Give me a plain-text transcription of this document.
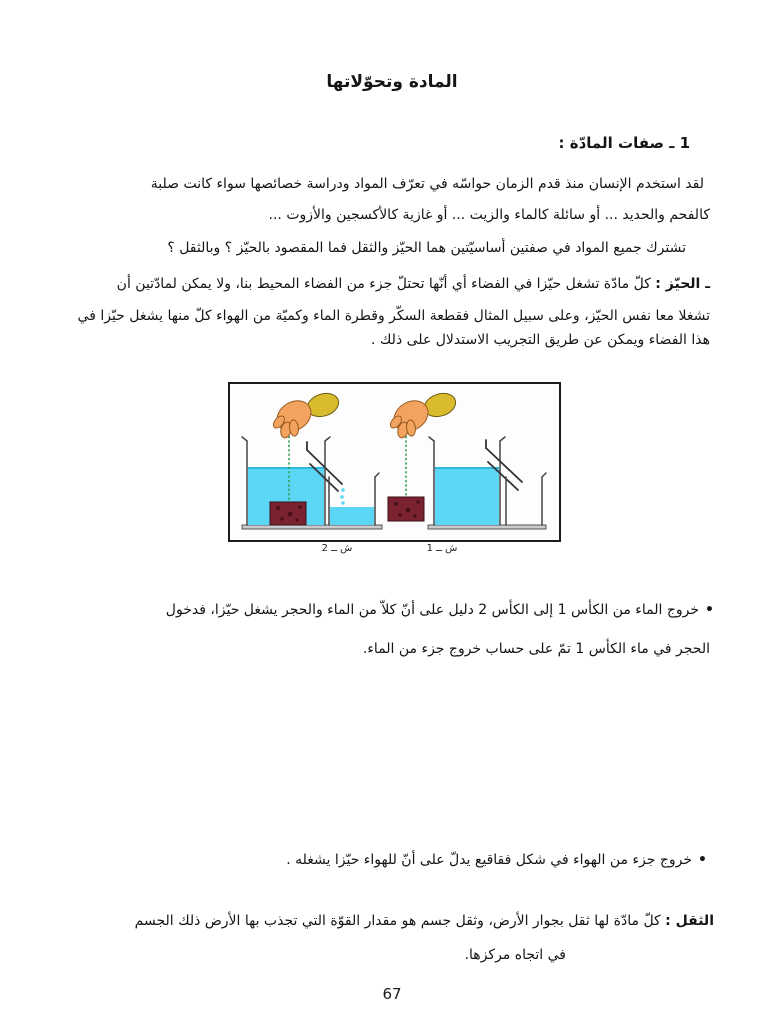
المادة وتحوّلاتها
1 ـ صفات المادّة :
لقد استخدم الإنسان منذ قدم الزمان حواسّه في تعرّف المواد ودراسة خصائصها سواء كانت صلبة
كالفحم والحديد ... أو سائلة كالماء والزيت ... أو غازية كالأكسجين والأزوت ...
تشترك جميع المواد في صفتين أساسيّتين هما الحيّز والثقل فما المقصود بالحيّز ؟ وبالثقل ؟
ـ الحيّز : كلّ مادّة تشغل حيّزا في الفضاء أي أنّها تحتلّ جزء من الفضاء المحيط بنا، ولا يمكن لمادّتين أن
تشغلا معا نفس الحيّز، وعلى سبيل المثال فقطعة السكّر وقطرة الماء وكميّة من الهواء كلّ منها يشغل حيّزا في
هذا الفضاء ويمكن عن طريق التجريب الاستدلال على ذلك .
ش ــ 2	ش ــ 1
•خروج الماء من الكأس 1 إلى الكأس 2 دليل على أنّ كلاّ من الماء والحجر يشغل حيّزا، فدخول
الحجر في ماء الكأس 1 تمّ على حساب خروج جزء من الماء.
•خروج جزء من الهواء في شكل فقاقيع يدلّ على أنّ للهواء حيّزا يشغله .
الثقل : كلّ مادّة لها ثقل بجوار الأرض، وثقل جسم هو مقدار القوّة التي تجذب بها الأرض ذلك الجسم
في اتجاه مركزها.
67
